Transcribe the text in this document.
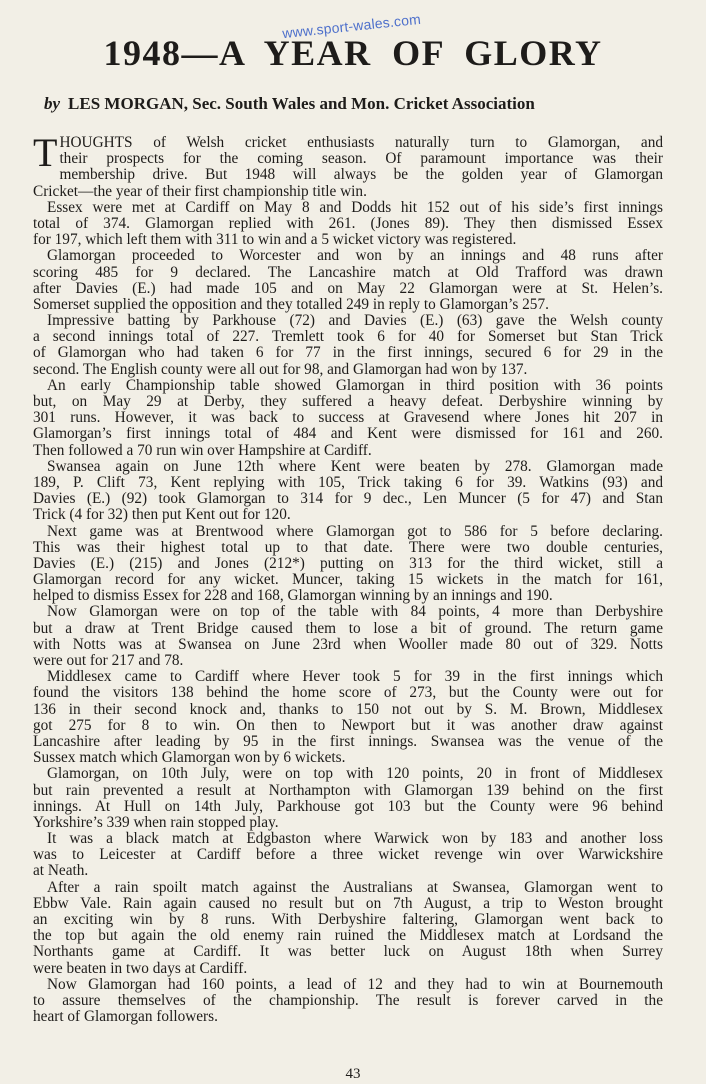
www.sport-wales.com
1948—A YEAR OF GLORY
by LES MORGAN, Sec. South Wales and Mon. Cricket Association
T HOUGHTS of Welsh cricket enthusiasts naturally turn to Glamorgan, and
their prospects for the coming season. Of paramount importance was their
membership drive. But 1948 will always be the golden year of Glamorgan
Cricket—the year of their first championship title win.
Essex were met at Cardiff on May 8 and Dodds hit 152 out of his side’s first innings
total of 374. Glamorgan replied with 261. (Jones 89). They then dismissed Essex
for 197, which left them with 311 to win and a 5 wicket victory was registered.
Glamorgan proceeded to Worcester and won by an innings and 48 runs after
scoring 485 for 9 declared. The Lancashire match at Old Trafford was drawn
after Davies (E.) had made 105 and on May 22 Glamorgan were at St. Helen’s.
Somerset supplied the opposition and they totalled 249 in reply to Glamorgan’s 257.
Impressive batting by Parkhouse (72) and Davies (E.) (63) gave the Welsh county
a second innings total of 227. Tremlett took 6 for 40 for Somerset but Stan Trick
of Glamorgan who had taken 6 for 77 in the first innings, secured 6 for 29 in the
second. The English county were all out for 98, and Glamorgan had won by 137.
An early Championship table showed Glamorgan in third position with 36 points
but, on May 29 at Derby, they suffered a heavy defeat. Derbyshire winning by
301 runs. However, it was back to success at Gravesend where Jones hit 207 in
Glamorgan’s first innings total of 484 and Kent were dismissed for 161 and 260.
Then followed a 70 run win over Hampshire at Cardiff.
Swansea again on June 12th where Kent were beaten by 278. Glamorgan made
189, P. Clift 73, Kent replying with 105, Trick taking 6 for 39. Watkins (93) and
Davies (E.) (92) took Glamorgan to 314 for 9 dec., Len Muncer (5 for 47) and Stan
Trick (4 for 32) then put Kent out for 120.
Next game was at Brentwood where Glamorgan got to 586 for 5 before declaring.
This was their highest total up to that date. There were two double centuries,
Davies (E.) (215) and Jones (212*) putting on 313 for the third wicket, still a
Glamorgan record for any wicket. Muncer, taking 15 wickets in the match for 161,
helped to dismiss Essex for 228 and 168, Glamorgan winning by an innings and 190.
Now Glamorgan were on top of the table with 84 points, 4 more than Derbyshire
but a draw at Trent Bridge caused them to lose a bit of ground. The return game
with Notts was at Swansea on June 23rd when Wooller made 80 out of 329. Notts
were out for 217 and 78.
Middlesex came to Cardiff where Hever took 5 for 39 in the first innings which
found the visitors 138 behind the home score of 273, but the County were out for
136 in their second knock and, thanks to 150 not out by S. M. Brown, Middlesex
got 275 for 8 to win. On then to Newport but it was another draw against
Lancashire after leading by 95 in the first innings. Swansea was the venue of the
Sussex match which Glamorgan won by 6 wickets.
Glamorgan, on 10th July, were on top with 120 points, 20 in front of Middlesex
but rain prevented a result at Northampton with Glamorgan 139 behind on the first
innings. At Hull on 14th July, Parkhouse got 103 but the County were 96 behind
Yorkshire’s 339 when rain stopped play.
It was a black match at Edgbaston where Warwick won by 183 and another loss
was to Leicester at Cardiff before a three wicket revenge win over Warwickshire
at Neath.
After a rain spoilt match against the Australians at Swansea, Glamorgan went to
Ebbw Vale. Rain again caused no result but on 7th August, a trip to Weston brought
an exciting win by 8 runs. With Derbyshire faltering, Glamorgan went back to
the top but again the old enemy rain ruined the Middlesex match at Lordsand the
Northants game at Cardiff. It was better luck on August 18th when Surrey
were beaten in two days at Cardiff.
Now Glamorgan had 160 points, a lead of 12 and they had to win at Bournemouth
to assure themselves of the championship. The result is forever carved in the
heart of Glamorgan followers.
43
